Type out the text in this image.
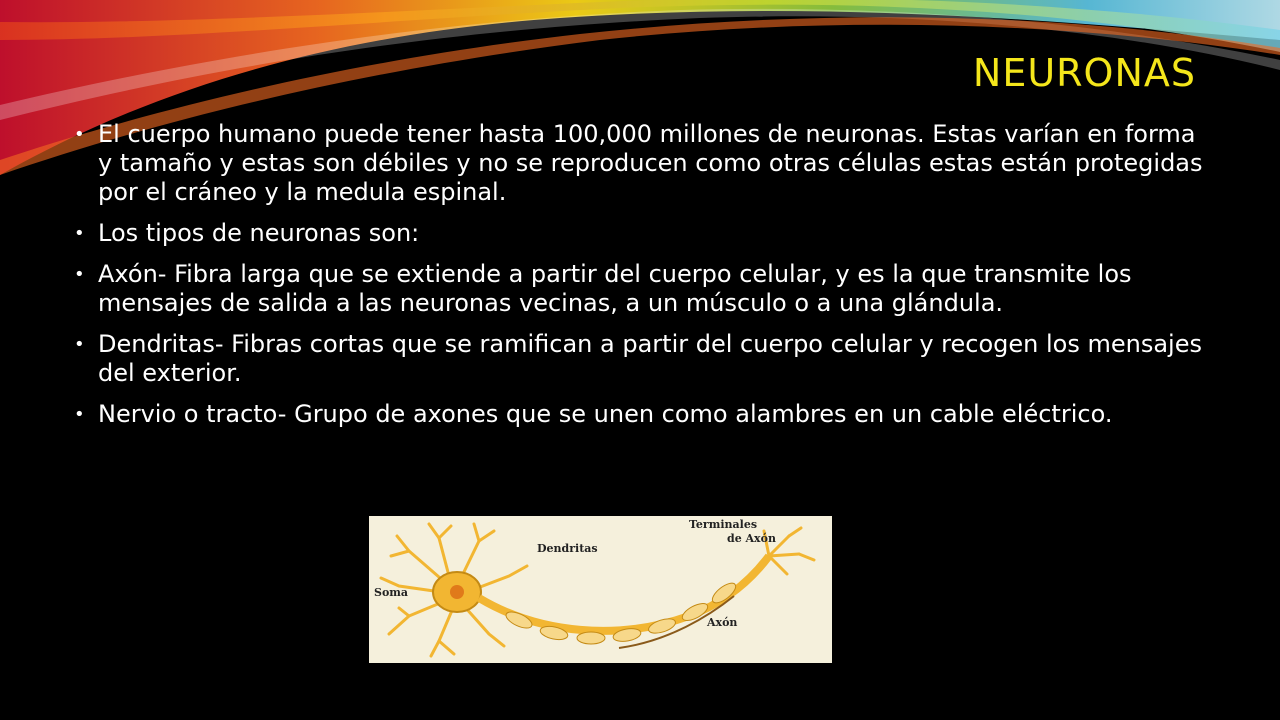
NEURONAS
• El cuerpo humano puede tener hasta 100,000 millones de neuronas. Estas varían en forma y tamaño y estas son débiles y no se reproducen como otras células estas están protegidas por el cráneo y la medula espinal.
• Los tipos de neuronas son:
• Axón- Fibra larga que se extiende a partir del cuerpo celular, y es la que transmite los mensajes de salida a las neuronas vecinas, a un músculo o a una glándula.
• Dendritas- Fibras cortas que se ramifican a partir del cuerpo celular y recogen los mensajes del exterior.
• Nervio o tracto- Grupo de axones que se unen como alambres en un cable eléctrico.
Dendritas
Soma
Terminales
de Axón
Axón
